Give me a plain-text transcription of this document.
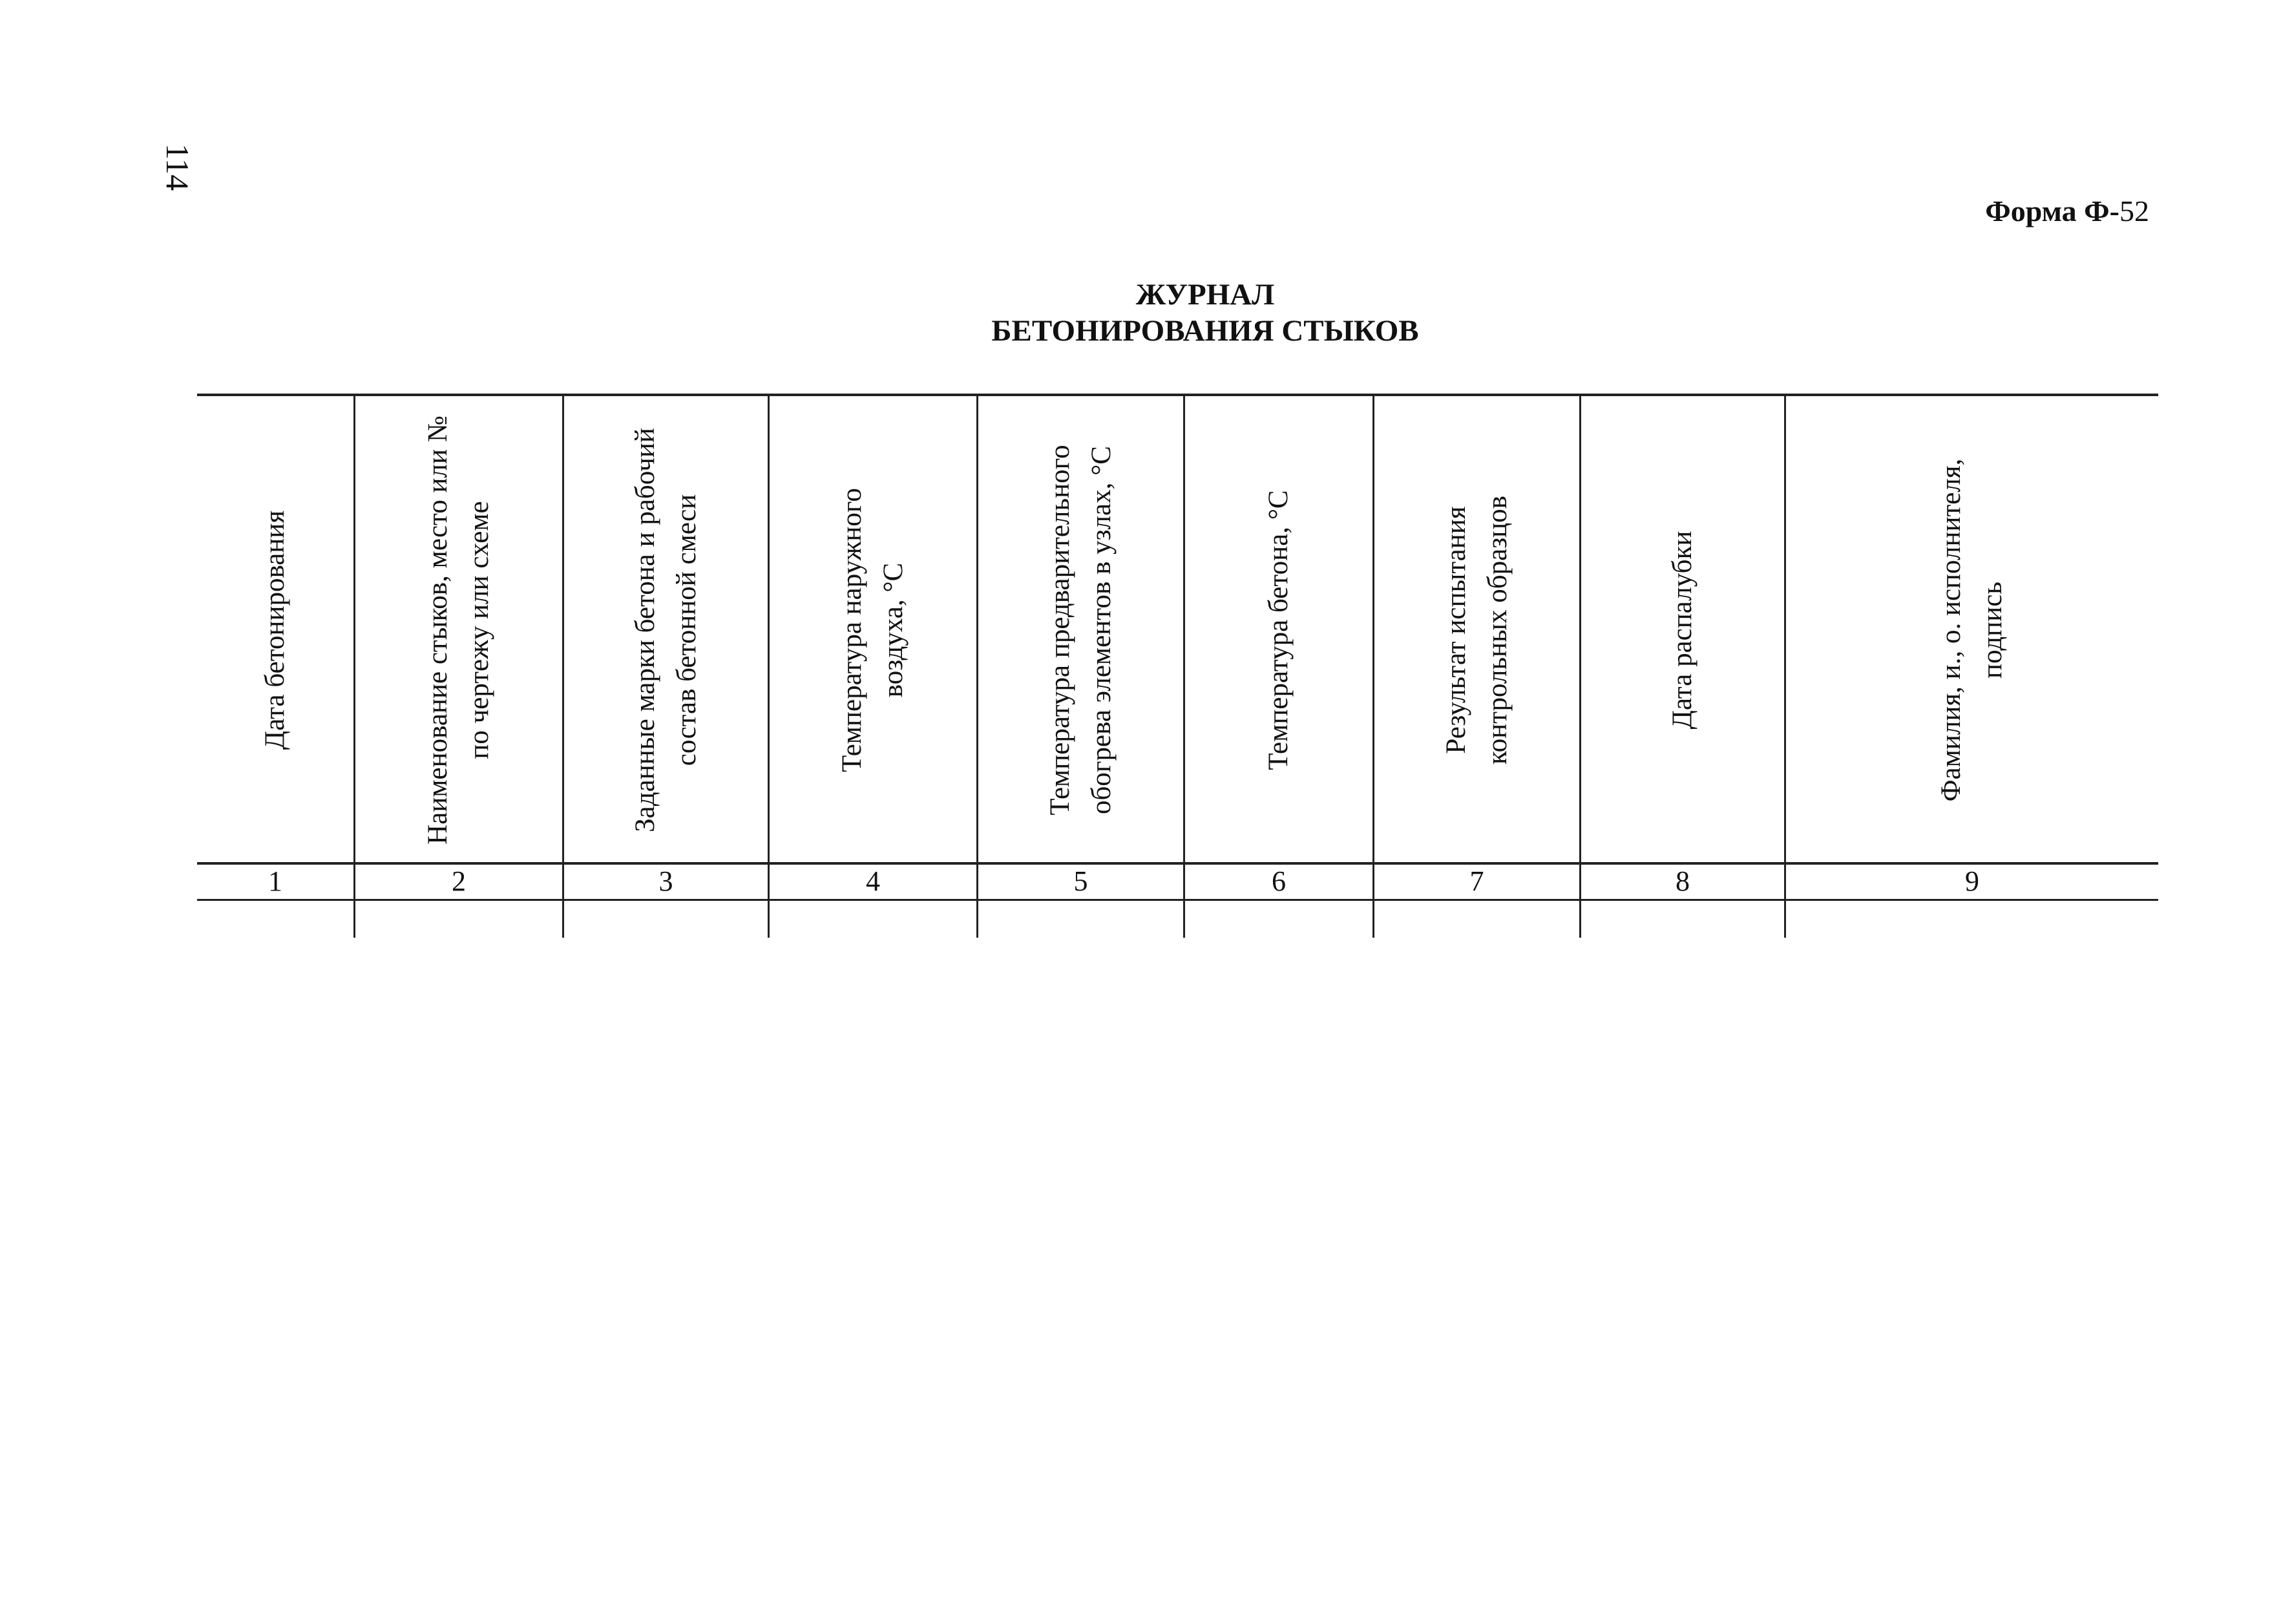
114
Форма Ф-52
ЖУРНАЛ
БЕТОНИРОВАНИЯ СТЫКОВ
Дата бетонирования	Наименование стыков, место или № по чертежу или схеме	Заданные марки бетона и рабочий состав бетонной смеси	Температура наружного воздуха, °С	Температура предварительного обогрева элементов в узлах, °С	Температура бетона, °С	Результат испытания контрольных образцов	Дата распалубки	Фамилия, и., о. исполнителя, подпись
1	2	3	4	5	6	7	8	9
